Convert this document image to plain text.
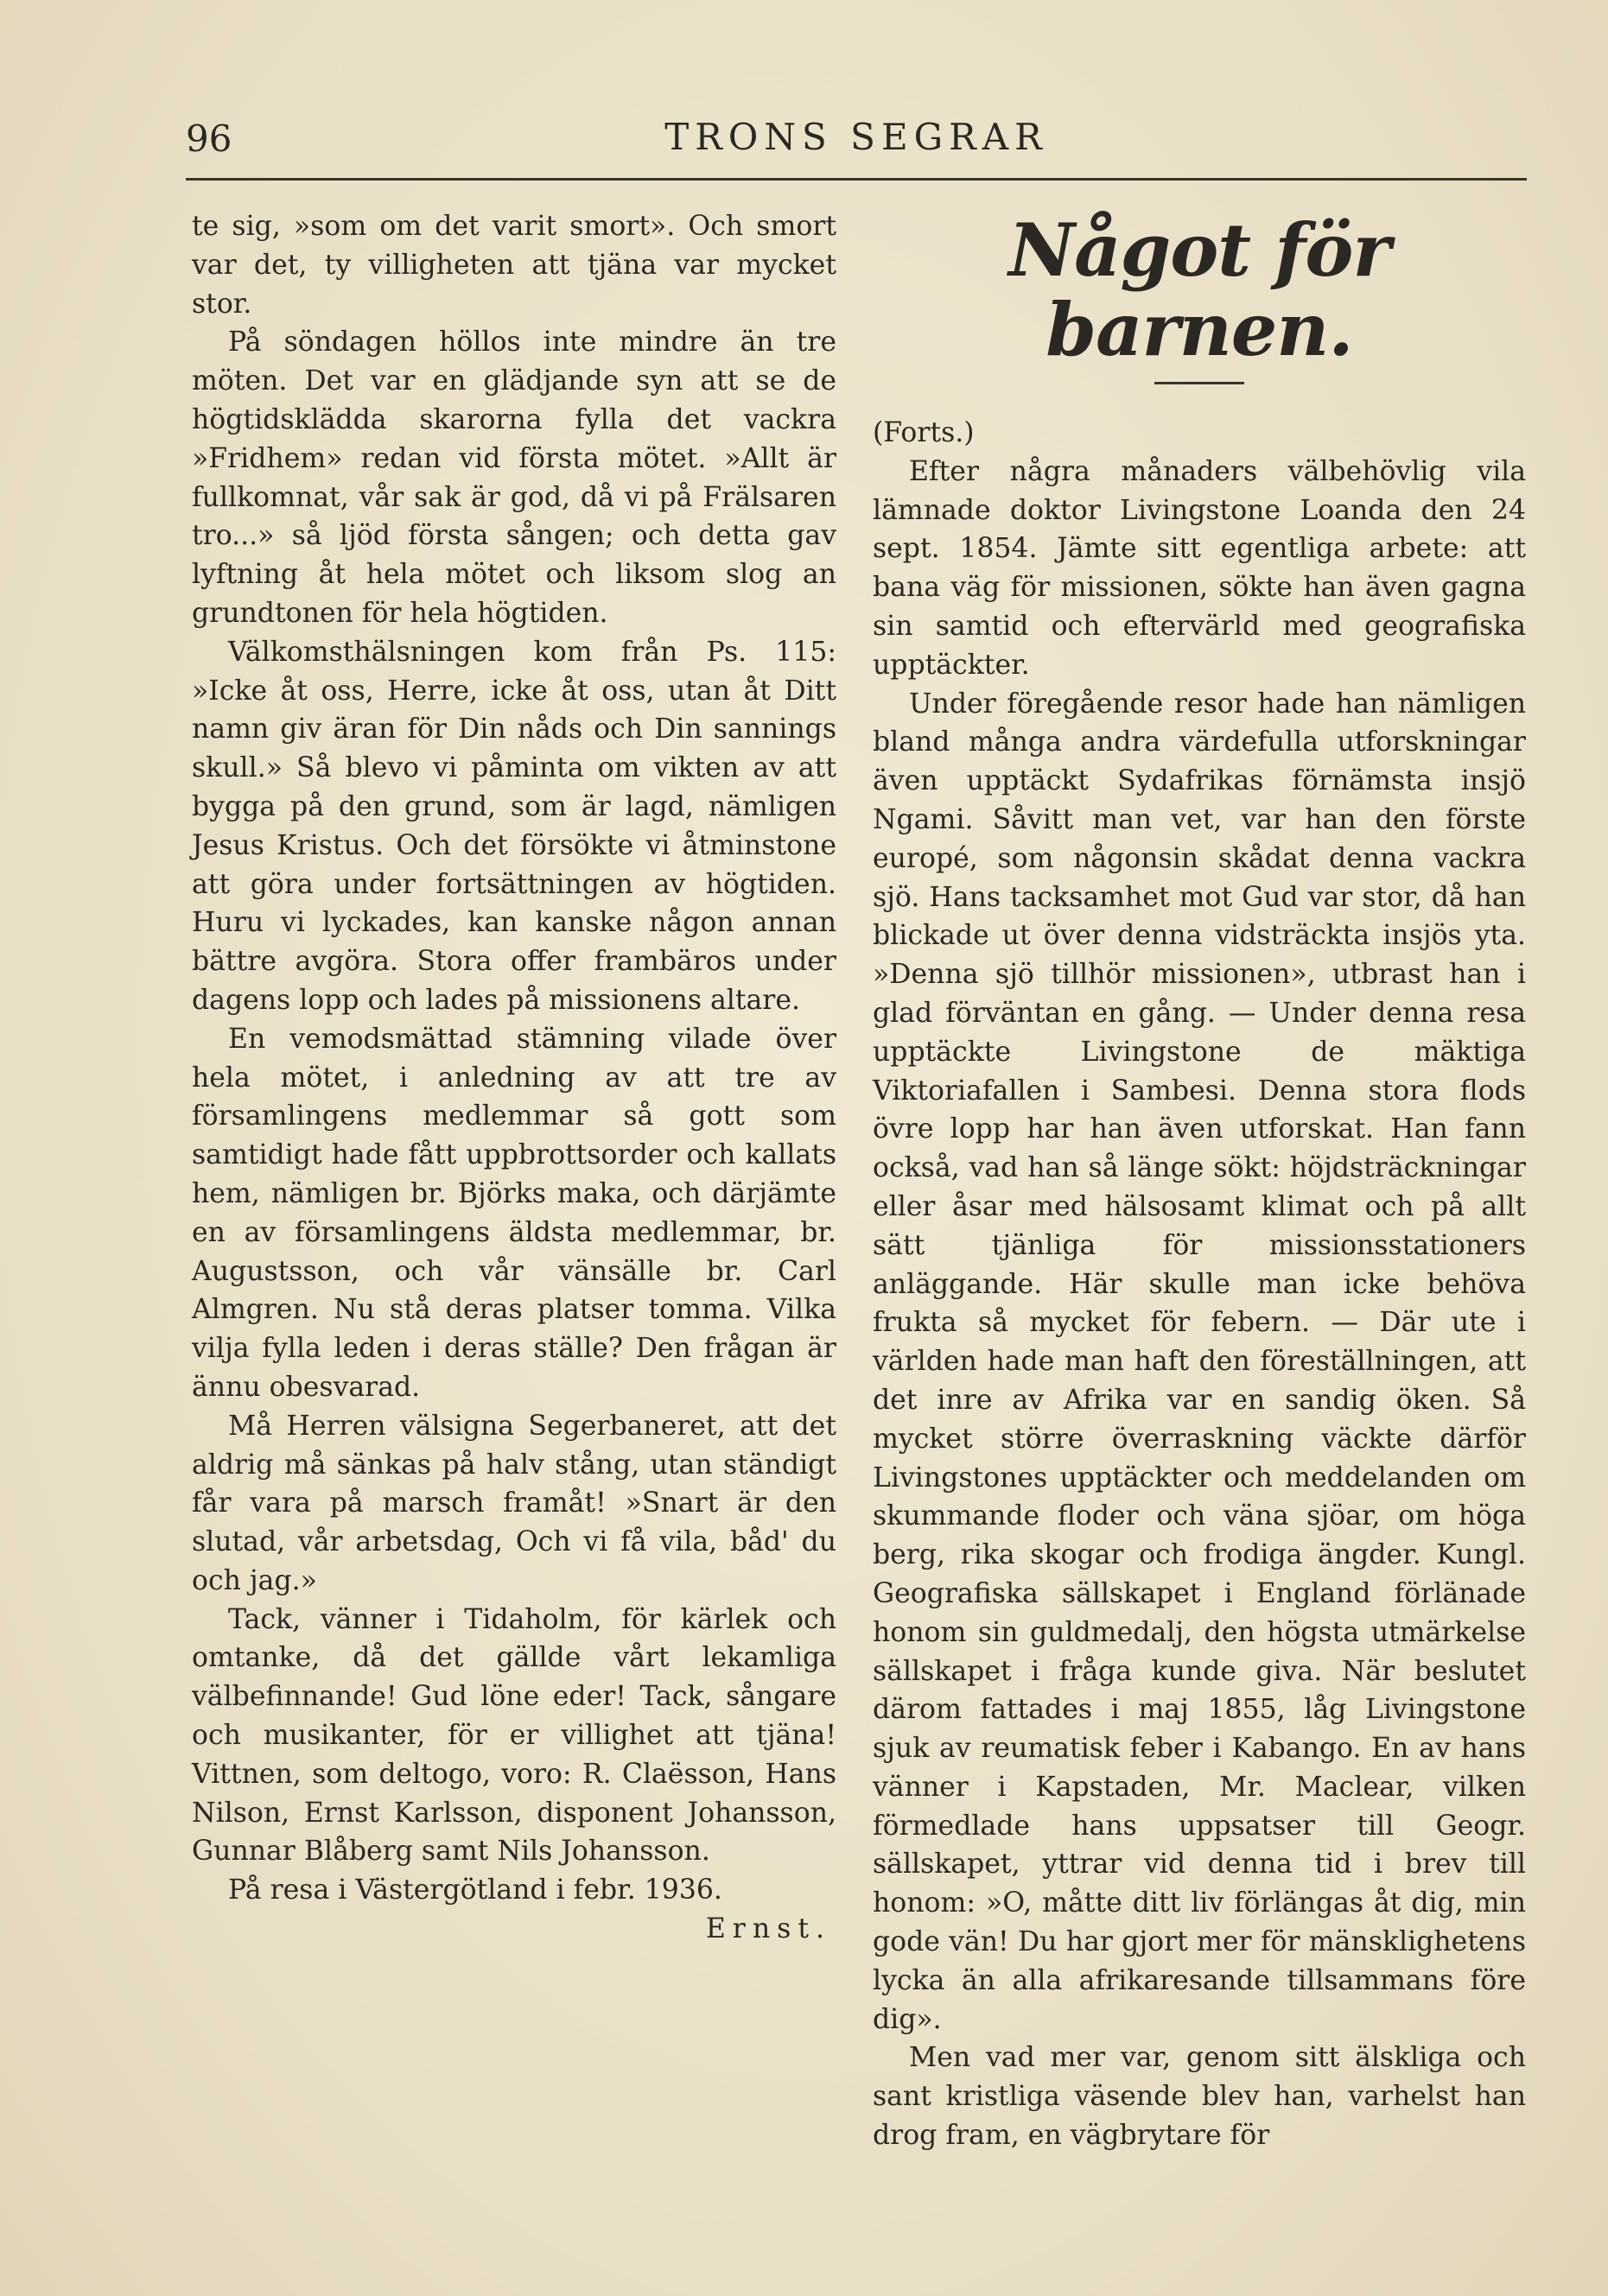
96	TRONS SEGRAR

te sig, »som om det varit smort». Och smort var det, ty villigheten att tjäna var mycket stor.

På söndagen höllos inte mindre än tre möten. Det var en glädjande syn att se de högtidsklädda skarorna fylla det vackra »Fridhem» redan vid första mötet. »Allt är fullkomnat, vår sak är god, då vi på Frälsaren tro...» så ljöd första sången; och detta gav lyftning åt hela mötet och liksom slog an grundtonen för hela högtiden.

Välkomsthälsningen kom från Ps. 115: »Icke åt oss, Herre, icke åt oss, utan åt Ditt namn giv äran för Din nåds och Din sannings skull.» Så blevo vi påminta om vikten av att bygga på den grund, som är lagd, nämligen Jesus Kristus. Och det försökte vi åtminstone att göra under fortsättningen av högtiden. Huru vi lyckades, kan kanske någon annan bättre avgöra. Stora offer frambäros under dagens lopp och lades på missionens altare.

En vemodsmättad stämning vilade över hela mötet, i anledning av att tre av församlingens medlemmar så gott som samtidigt hade fått uppbrottsorder och kallats hem, nämligen br. Björks maka, och därjämte en av församlingens äldsta medlemmar, br. Augustsson, och vår vänsälle br. Carl Almgren. Nu stå deras platser tomma. Vilka vilja fylla leden i deras ställe? Den frågan är ännu obesvarad.

Må Herren välsigna Segerbaneret, att det aldrig må sänkas på halv stång, utan ständigt får vara på marsch framåt! »Snart är den slutad, vår arbetsdag, Och vi få vila, båd' du och jag.»

Tack, vänner i Tidaholm, för kärlek och omtanke, då det gällde vårt lekamliga välbefinnande! Gud löne eder! Tack, sångare och musikanter, för er villighet att tjäna! Vittnen, som deltogo, voro: R. Claësson, Hans Nilson, Ernst Karlsson, disponent Johansson, Gunnar Blåberg samt Nils Johansson.

På resa i Västergötland i febr. 1936.

Ernst.

Något för barnen.

(Forts.)

Efter några månaders välbehövlig vila lämnade doktor Livingstone Loanda den 24 sept. 1854. Jämte sitt egentliga arbete: att bana väg för missionen, sökte han även gagna sin samtid och eftervärld med geografiska upptäckter.

Under föregående resor hade han nämligen bland många andra värdefulla utforskningar även upptäckt Sydafrikas förnämsta insjö Ngami. Såvitt man vet, var han den förste europé, som någonsin skådat denna vackra sjö. Hans tacksamhet mot Gud var stor, då han blickade ut över denna vidsträckta insjös yta. »Denna sjö tillhör missionen», utbrast han i glad förväntan en gång. — Under denna resa upptäckte Livingstone de mäktiga Viktoriafallen i Sambesi. Denna stora flods övre lopp har han även utforskat. Han fann också, vad han så länge sökt: höjdsträckningar eller åsar med hälsosamt klimat och på allt sätt tjänliga för missionsstationers anläggande. Här skulle man icke behöva frukta så mycket för febern. — Där ute i världen hade man haft den föreställningen, att det inre av Afrika var en sandig öken. Så mycket större överraskning väckte därför Livingstones upptäckter och meddelanden om skummande floder och väna sjöar, om höga berg, rika skogar och frodiga ängder. Kungl. Geografiska sällskapet i England förlänade honom sin guldmedalj, den högsta utmärkelse sällskapet i fråga kunde giva. När beslutet därom fattades i maj 1855, låg Livingstone sjuk av reumatisk feber i Kabango. En av hans vänner i Kapstaden, Mr. Maclear, vilken förmedlade hans uppsatser till Geogr. sällskapet, yttrar vid denna tid i brev till honom: »O, måtte ditt liv förlängas åt dig, min gode vän! Du har gjort mer för mänsklighetens lycka än alla afrikaresande tillsammans före dig».

Men vad mer var, genom sitt älskliga och sant kristliga väsende blev han, varhelst han drog fram, en vägbrytare för
